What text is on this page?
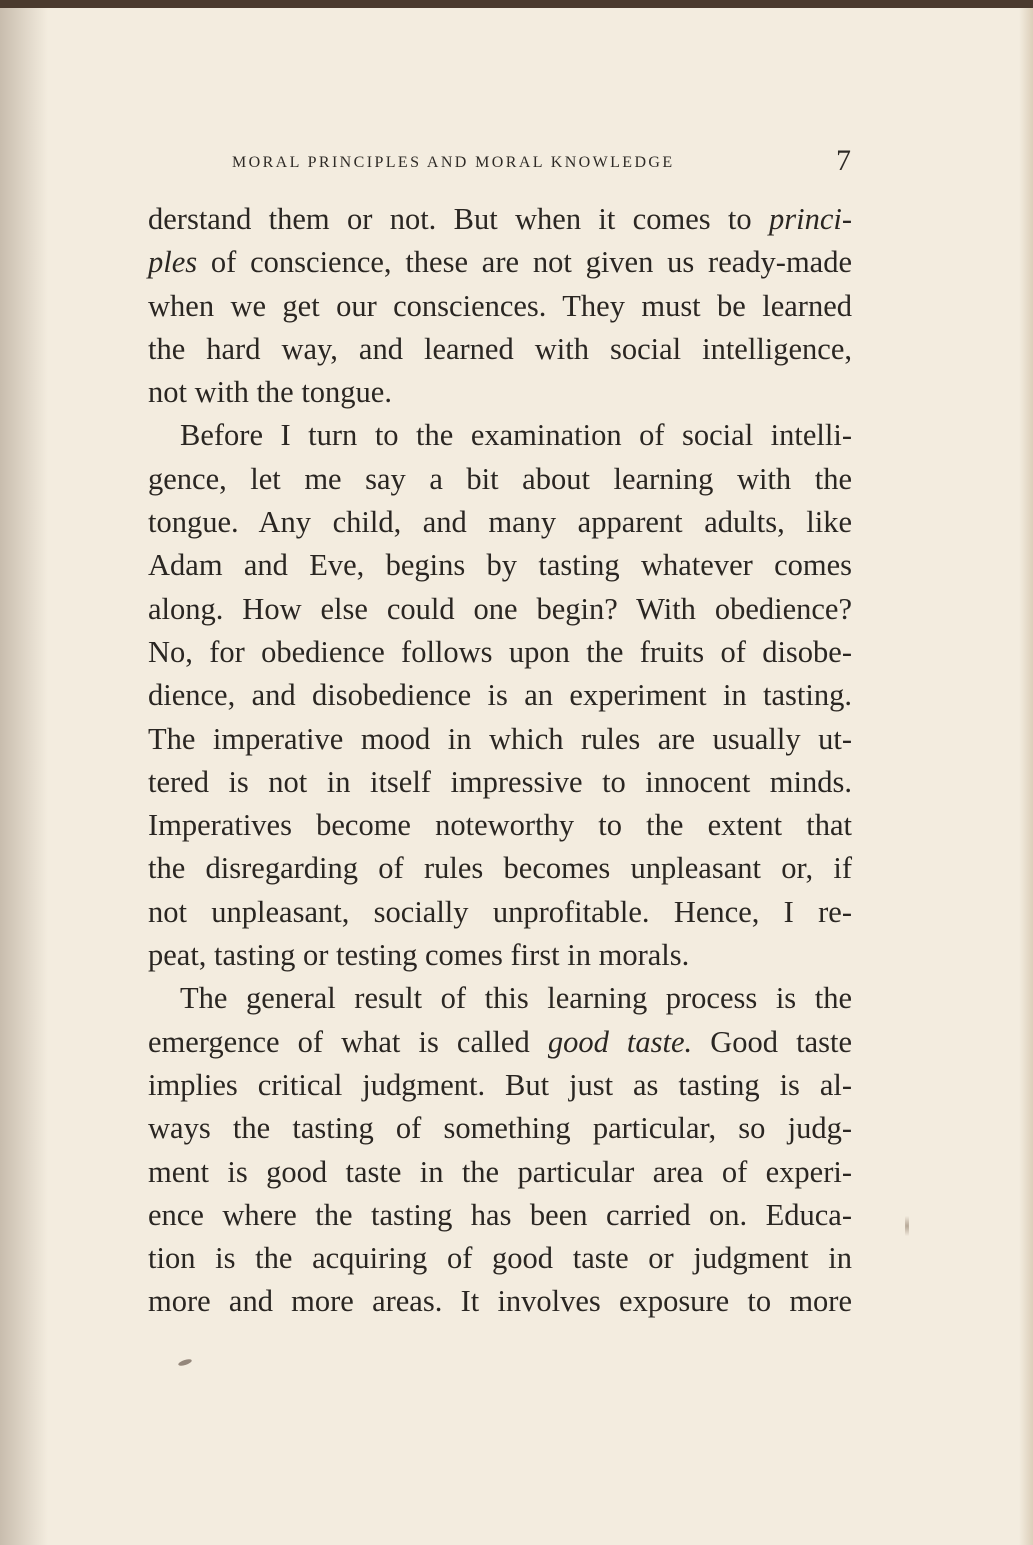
MORAL PRINCIPLES AND MORAL KNOWLEDGE	7
derstand them or not. But when it comes to princi-
ples of conscience, these are not given us ready-made
when we get our consciences. They must be learned
the hard way, and learned with social intelligence,
not with the tongue.
Before I turn to the examination of social intelli-
gence, let me say a bit about learning with the
tongue. Any child, and many apparent adults, like
Adam and Eve, begins by tasting whatever comes
along. How else could one begin? With obedience?
No, for obedience follows upon the fruits of disobe-
dience, and disobedience is an experiment in tasting.
The imperative mood in which rules are usually ut-
tered is not in itself impressive to innocent minds.
Imperatives become noteworthy to the extent that
the disregarding of rules becomes unpleasant or, if
not unpleasant, socially unprofitable. Hence, I re-
peat, tasting or testing comes first in morals.
The general result of this learning process is the
emergence of what is called good taste. Good taste
implies critical judgment. But just as tasting is al-
ways the tasting of something particular, so judg-
ment is good taste in the particular area of experi-
ence where the tasting has been carried on. Educa-
tion is the acquiring of good taste or judgment in
more and more areas. It involves exposure to more
